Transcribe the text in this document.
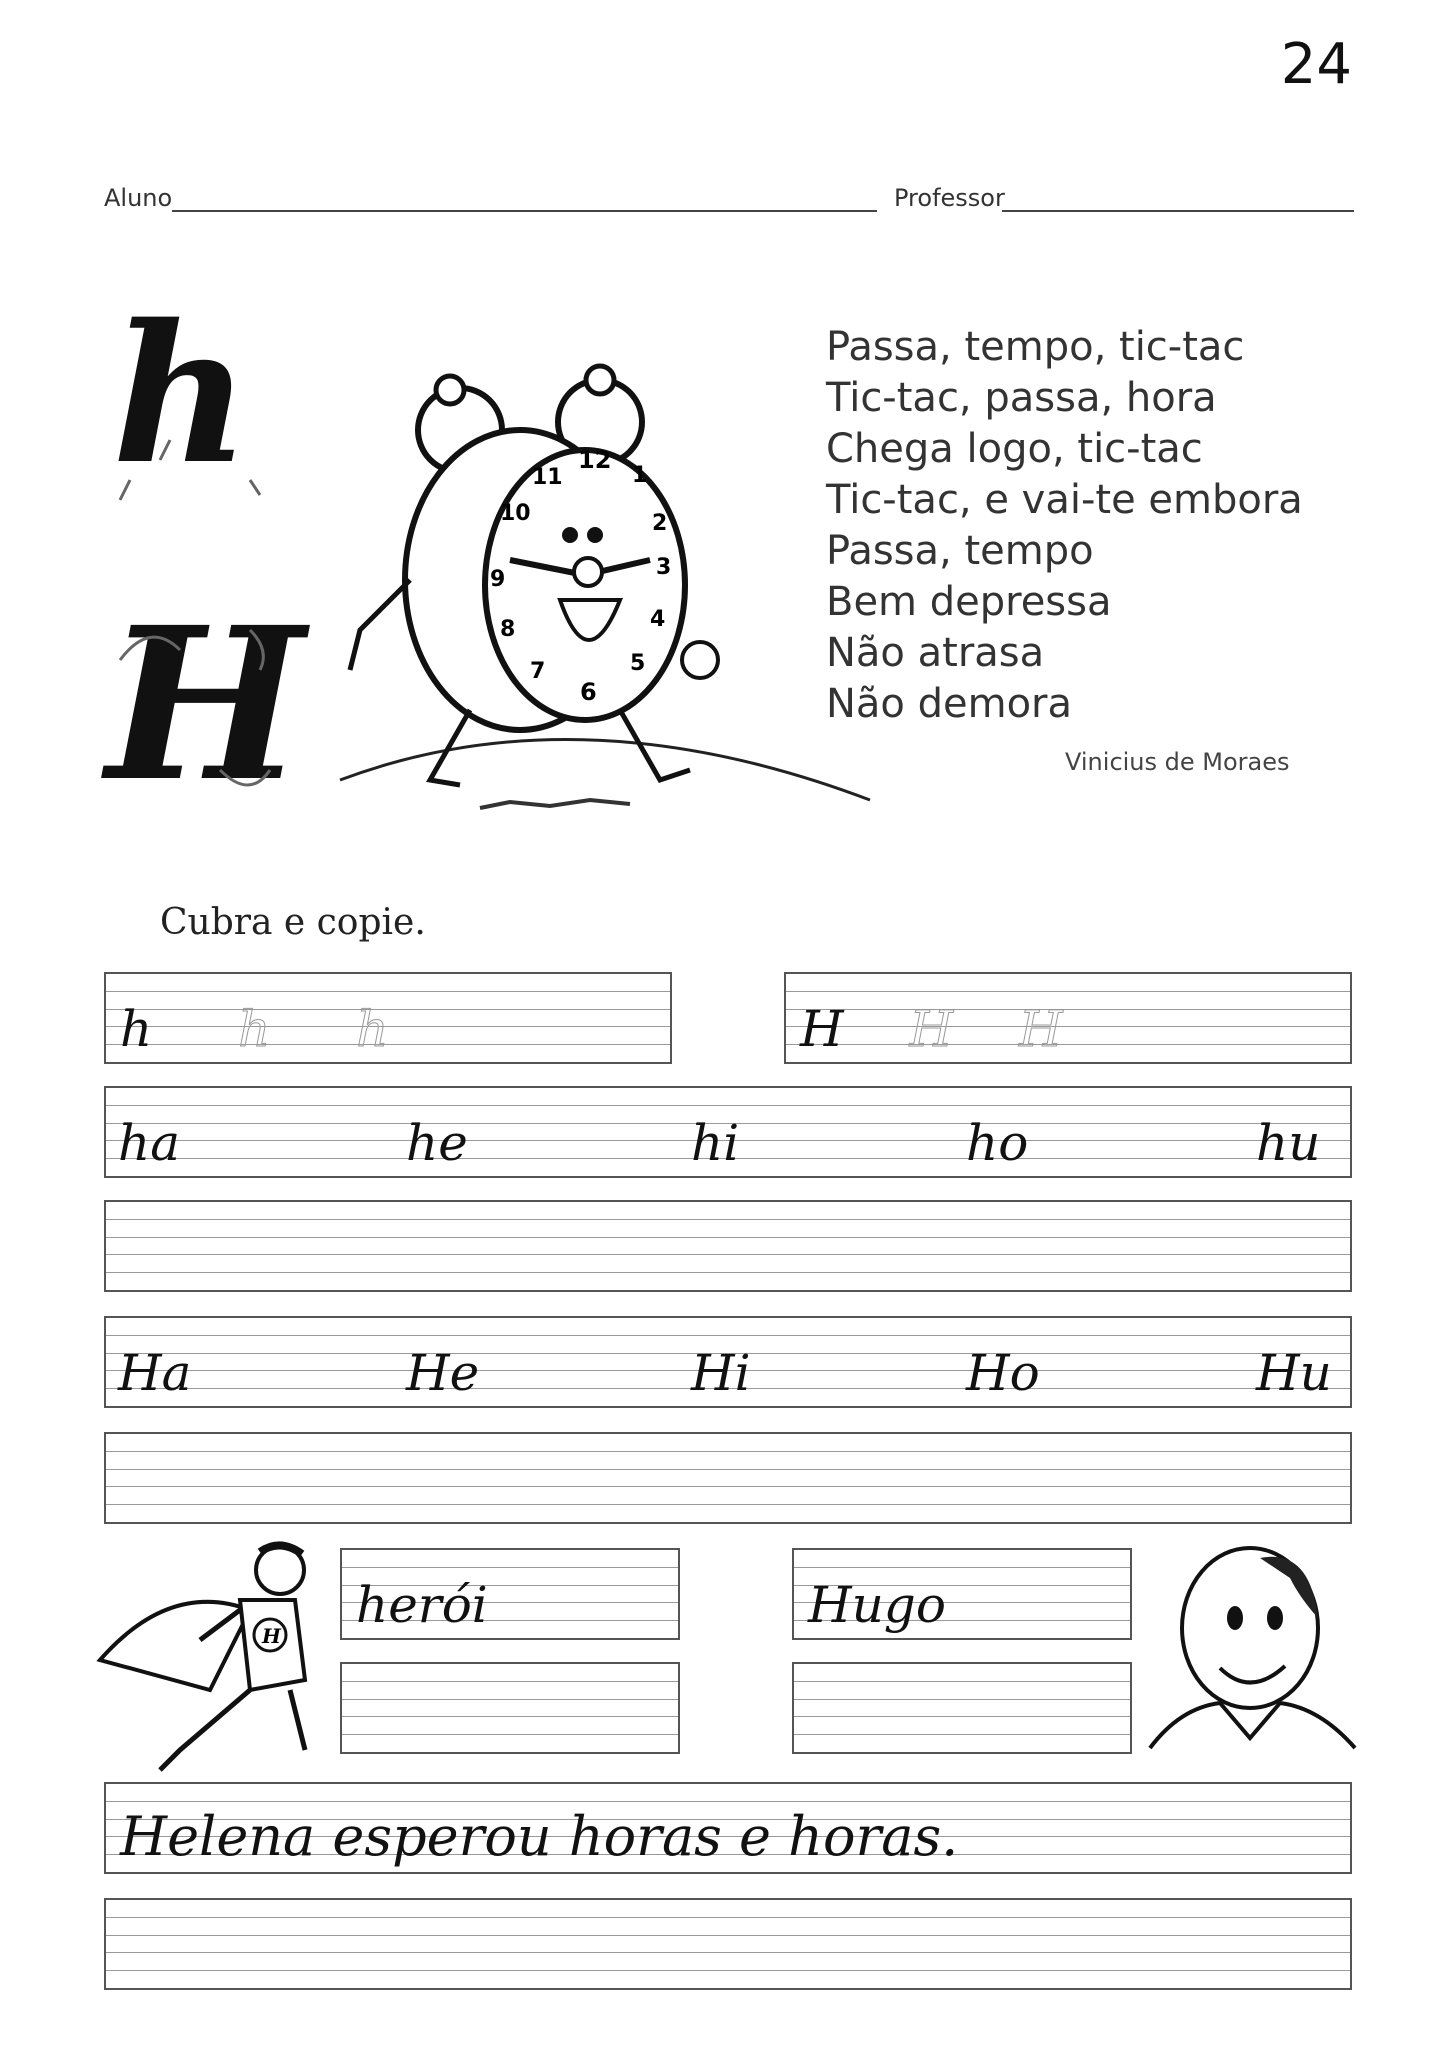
24
Aluno	Professor
h
H
12
1
2
3
4
5
6
7
8
9
10
11
Passa, tempo, tic-tac
Tic-tac, passa, hora
Chega logo, tic-tac
Tic-tac, e vai-te embora
Passa, tempo
Bem depressa
Não atrasa
Não demora
Vinicius de Moraes
Cubra e copie.
h h h	H H H
ha	he	hi	ho	hu
Ha	He	Hi	Ho	Hu
H
herói	Hugo
Helena esperou horas e horas.
